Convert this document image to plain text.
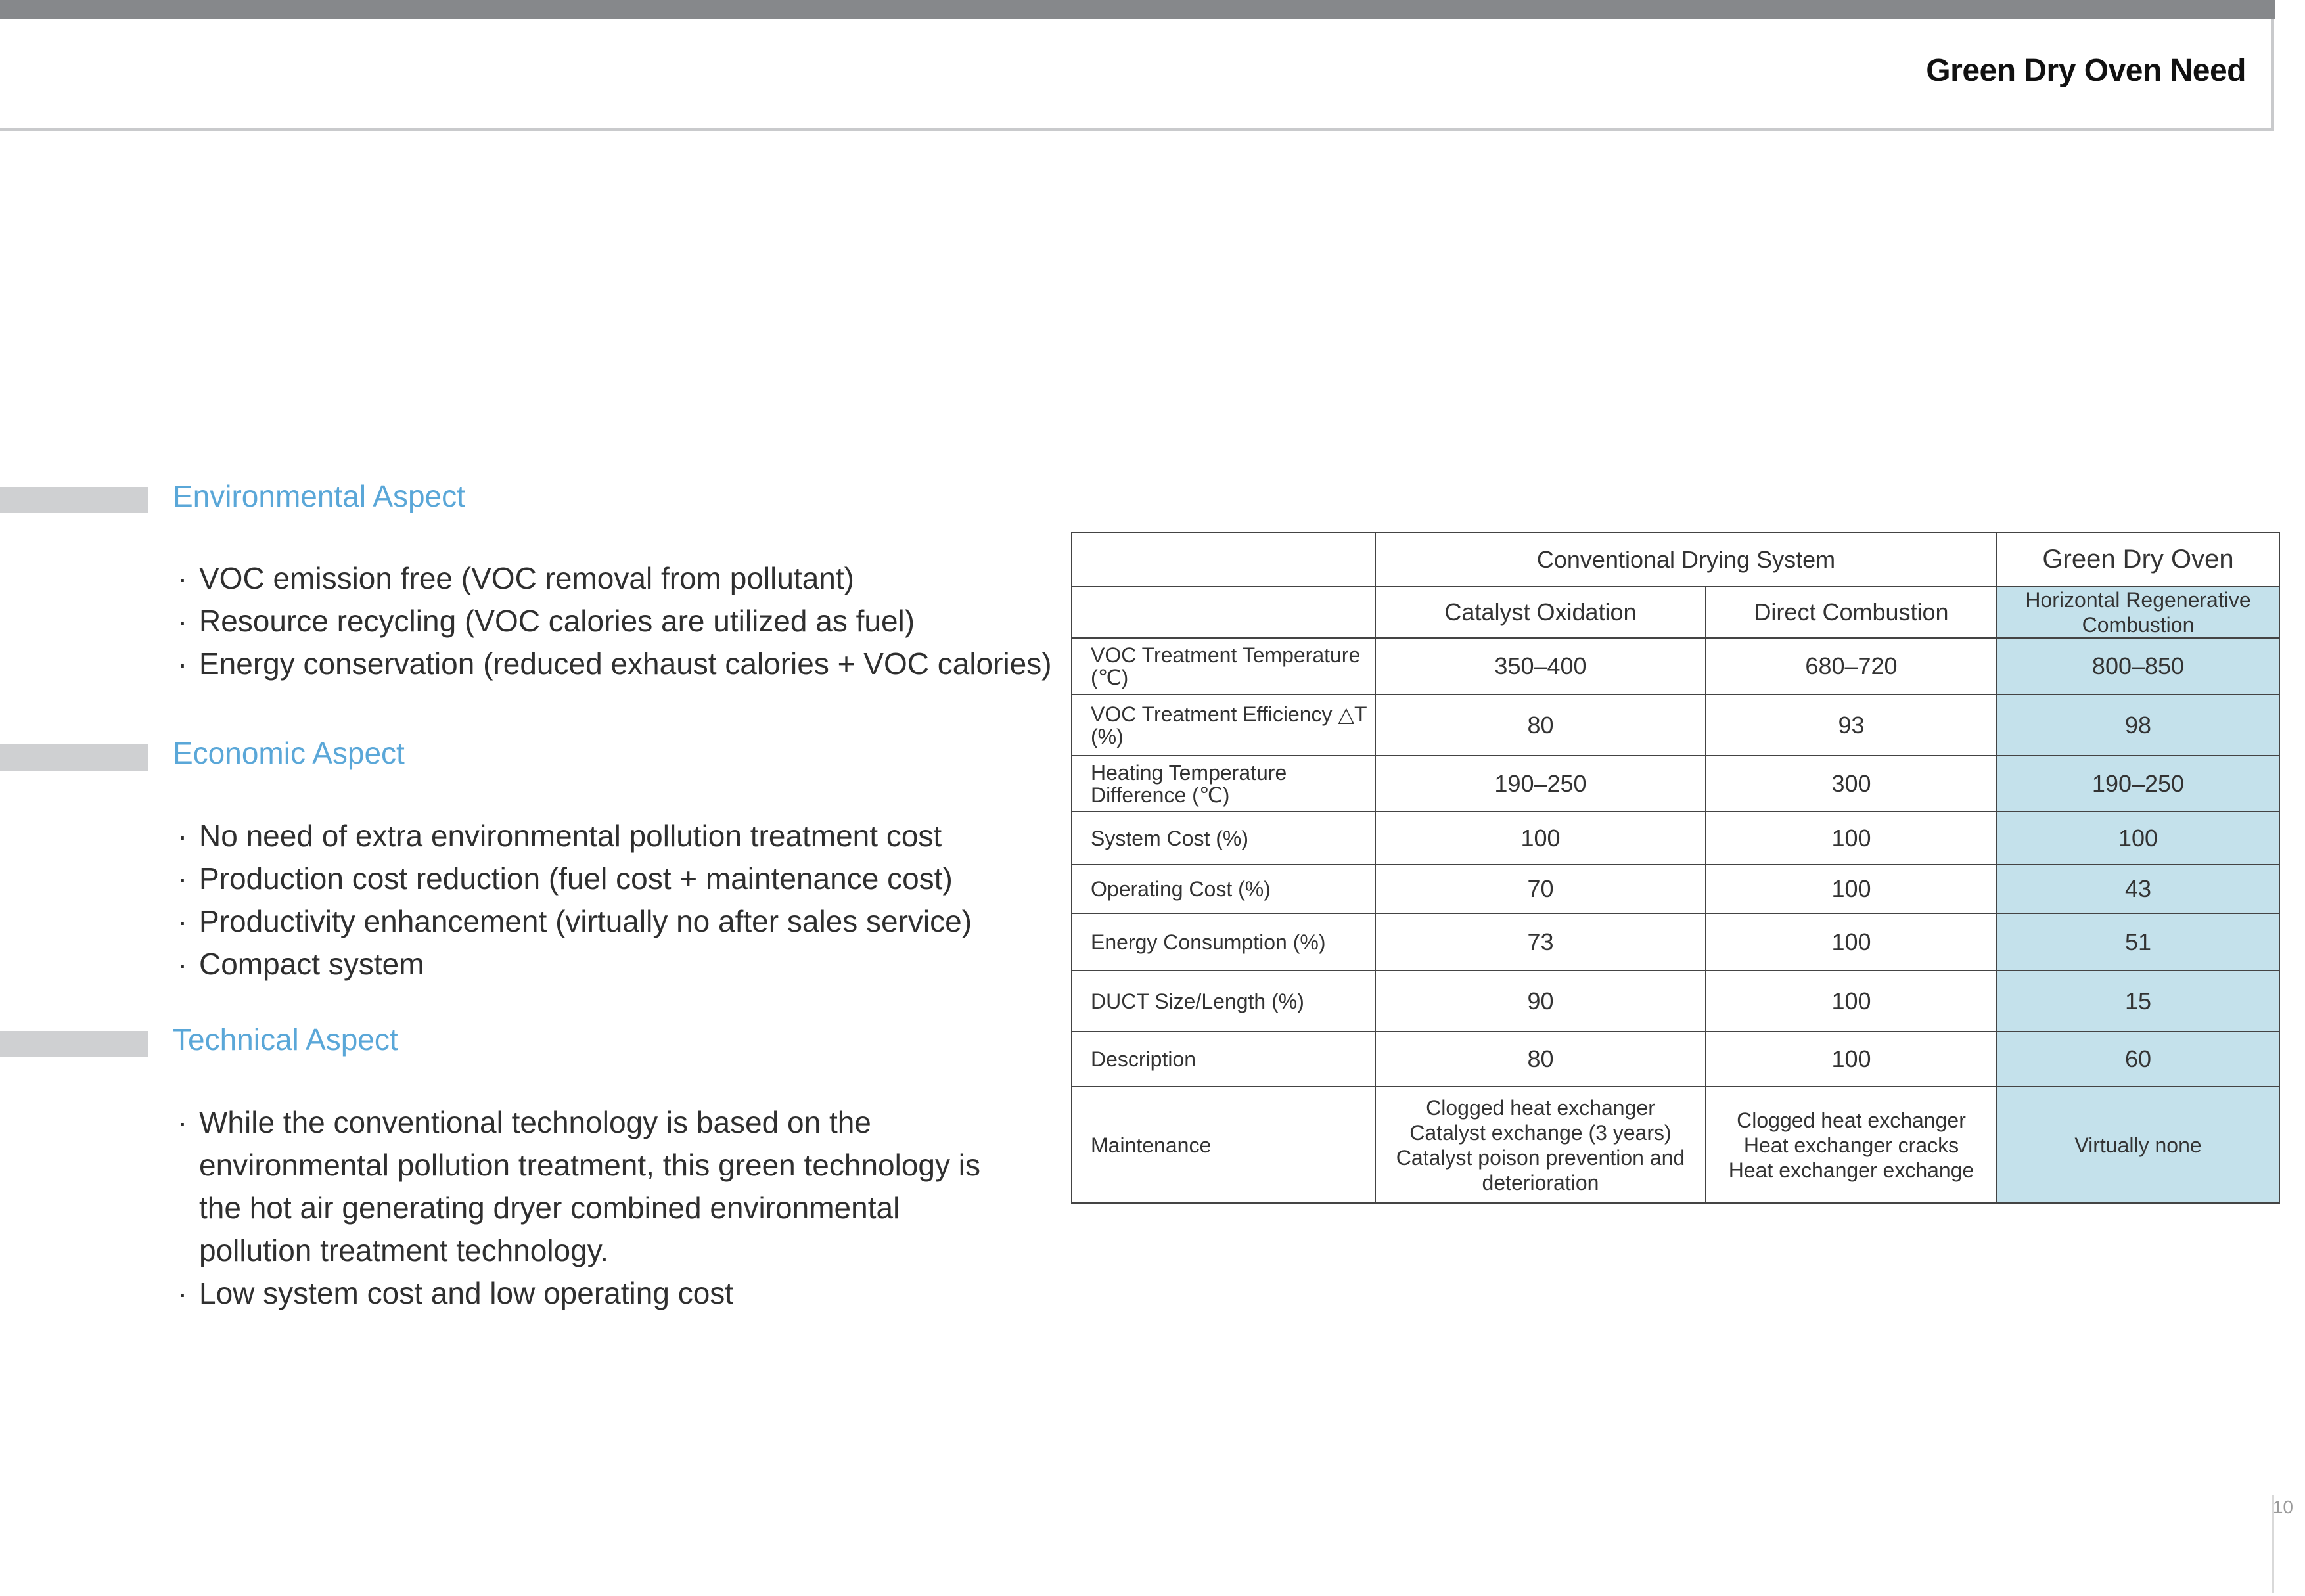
Green Dry Oven Need
Environmental Aspect
· VOC emission free (VOC removal from pollutant)
· Resource recycling (VOC calories are utilized as fuel)
· Energy conservation (reduced exhaust calories + VOC calories)
Economic Aspect
· No need of extra environmental pollution treatment cost
· Production cost reduction (fuel cost + maintenance cost)
· Productivity enhancement (virtually no after sales service)
· Compact system
Technical Aspect
· While the conventional technology is based on the environmental pollution treatment, this green technology is the hot air generating dryer combined environmental pollution treatment technology.
· Low system cost and low operating cost
	Conventional Drying System		Green Dry Oven
	Catalyst Oxidation	Direct Combustion	Horizontal Regenerative Combustion
VOC Treatment Temperature (℃)	350–400	680–720	800–850
VOC Treatment Efficiency △T (%)	80	93	98
Heating Temperature Difference (℃)	190–250	300	190–250
System Cost (%)	100	100	100
Operating Cost (%)	70	100	43
Energy Consumption (%)	73	100	51
DUCT Size/Length (%)	90	100	15
Description	80	100	60
Maintenance	Clogged heat exchanger Catalyst exchange (3 years) Catalyst poison prevention and deterioration	Clogged heat exchanger Heat exchanger cracks Heat exchanger exchange	Virtually none
10
